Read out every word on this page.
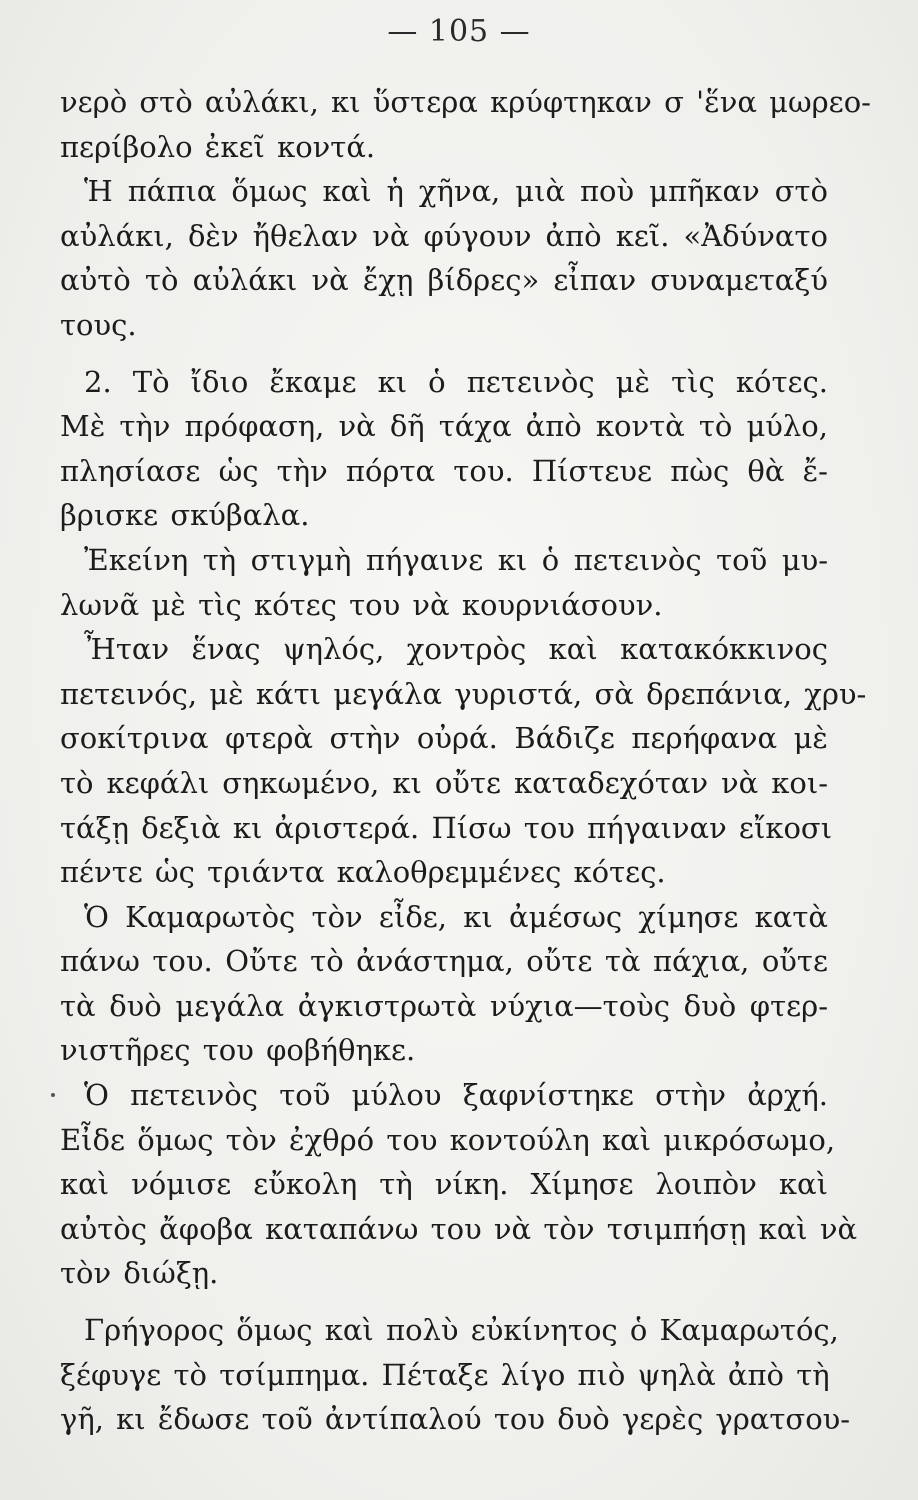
— 105 —
νερὸ στὸ αὐλάκι, κι ὕστερα κρύφτηκαν σ 'ἕνα μωρεο-
περίβολο ἐκεῖ κοντά.
Ἡ πάπια ὅμως καὶ ἡ χῆνα, μιὰ ποὺ μπῆκαν στὸ
αὐλάκι, δὲν ἤθελαν νὰ φύγουν ἀπὸ κεῖ. «Ἀδύνατο
αὐτὸ τὸ αὐλάκι νὰ ἔχῃ βίδρες» εἶπαν συναμεταξύ
τους.
2. Τὸ ἴδιο ἔκαμε κι ὁ πετεινὸς μὲ τὶς κότες.
Μὲ τὴν πρόφαση, νὰ δῆ τάχα ἀπὸ κοντὰ τὸ μύλο,
πλησίασε ὡς τὴν πόρτα του. Πίστευε πὼς θὰ ἔ-
βρισκε σκύβαλα.
Ἐκείνη τὴ στιγμὴ πήγαινε κι ὁ πετεινὸς τοῦ μυ-
λωνᾶ μὲ τὶς κότες του νὰ κουρνιάσουν.
Ἦταν ἕνας ψηλός, χοντρὸς καὶ κατακόκκινος
πετεινός, μὲ κάτι μεγάλα γυριστά, σὰ δρεπάνια, χρυ-
σοκίτρινα φτερὰ στὴν οὐρά. Βάδιζε περήφανα μὲ
τὸ κεφάλι σηκωμένο, κι οὔτε καταδεχόταν νὰ κοι-
τάξῃ δεξιὰ κι ἀριστερά. Πίσω του πήγαιναν εἴκοσι
πέντε ὡς τριάντα καλοθρεμμένες κότες.
Ὁ Καμαρωτὸς τὸν εἶδε, κι ἀμέσως χίμησε κατὰ
πάνω του. Οὔτε τὸ ἀνάστημα, οὔτε τὰ πάχια, οὔτε
τὰ δυὸ μεγάλα ἀγκιστρωτὰ νύχια—τοὺς δυὸ φτερ-
νιστῆρες του φοβήθηκε.
Ὁ πετεινὸς τοῦ μύλου ξαφνίστηκε στὴν ἀρχή.
Εἶδε ὅμως τὸν ἐχθρό του κοντούλη καὶ μικρόσωμο,
καὶ νόμισε εὔκολη τὴ νίκη. Χίμησε λοιπὸν καὶ
αὐτὸς ἄφοβα καταπάνω του νὰ τὸν τσιμπήσῃ καὶ νὰ
τὸν διώξῃ.
Γρήγορος ὅμως καὶ πολὺ εὐκίνητος ὁ Καμαρωτός,
ξέφυγε τὸ τσίμπημα. Πέταξε λίγο πιὸ ψηλὰ ἀπὸ τὴ
γῆ, κι ἔδωσε τοῦ ἀντίπαλού του δυὸ γερὲς γρατσου-
